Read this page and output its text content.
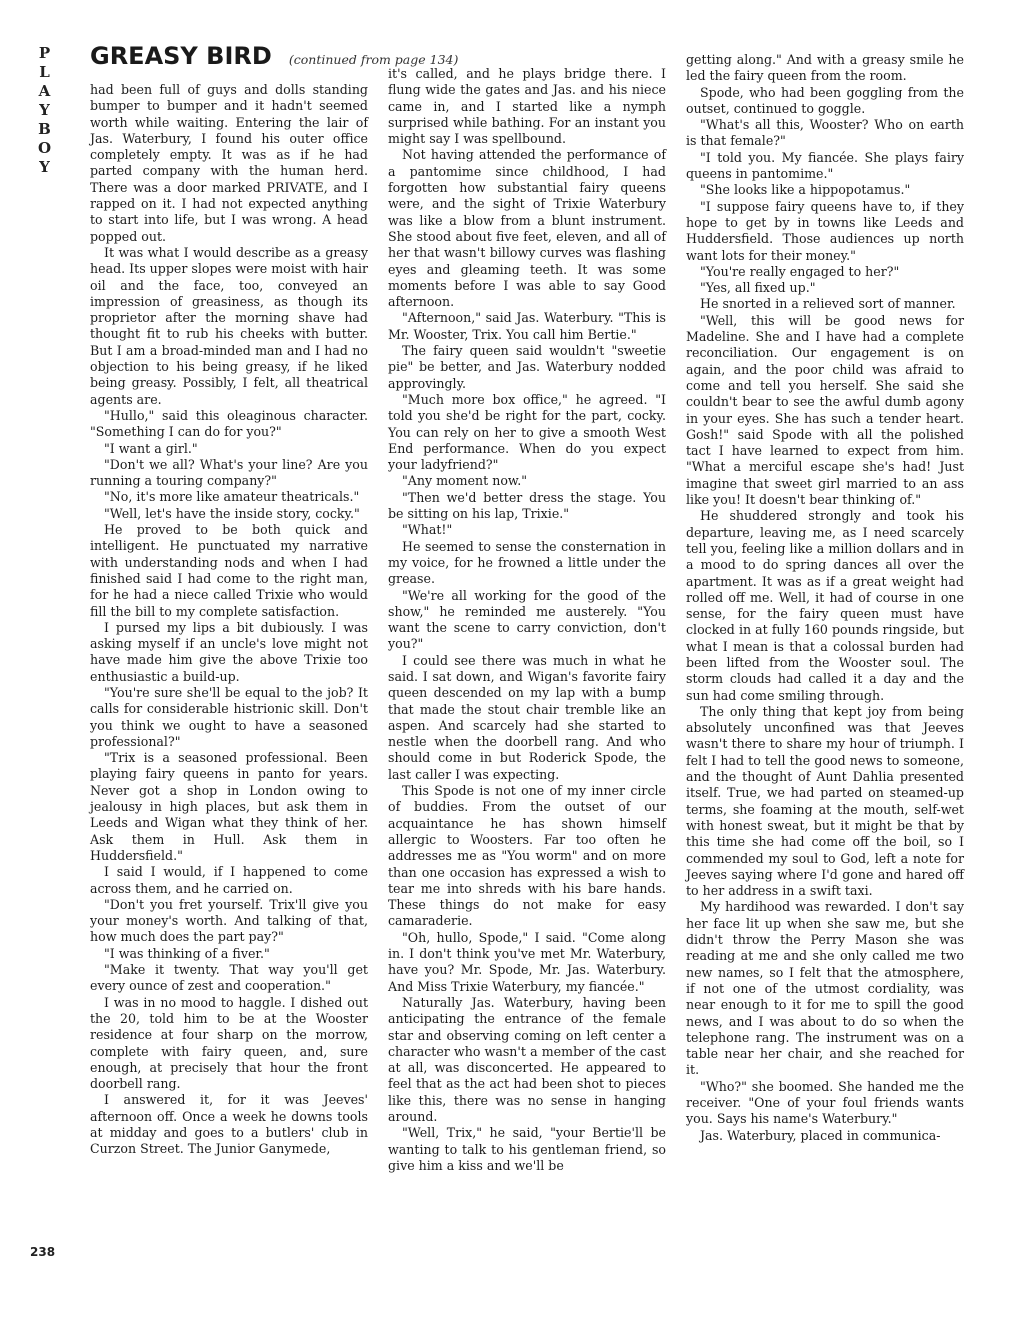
P
L
A
Y
B
O
Y
GREASY BIRD (continued from page 134)

had been full of guys and dolls standing bumper to bumper and it hadn't seemed worth while waiting. Entering the lair of Jas. Waterbury, I found his outer office completely empty. It was as if he had parted company with the human herd. There was a door marked PRIVATE, and I rapped on it. I had not expected anything to start into life, but I was wrong. A head popped out.

It was what I would describe as a greasy head. Its upper slopes were moist with hair oil and the face, too, conveyed an impression of greasiness, as though its proprietor after the morning shave had thought fit to rub his cheeks with butter. But I am a broad-minded man and I had no objection to his being greasy, if he liked being greasy. Possibly, I felt, all theatrical agents are.

"Hullo," said this oleaginous character. "Something I can do for you?"

"I want a girl."

"Don't we all? What's your line? Are you running a touring company?"

"No, it's more like amateur theatricals."

"Well, let's have the inside story, cocky."

He proved to be both quick and intelligent. He punctuated my narrative with understanding nods and when I had finished said I had come to the right man, for he had a niece called Trixie who would fill the bill to my complete satisfaction.

I pursed my lips a bit dubiously. I was asking myself if an uncle's love might not have made him give the above Trixie too enthusiastic a build-up.

"You're sure she'll be equal to the job? It calls for considerable histrionic skill. Don't you think we ought to have a seasoned professional?"

"Trix is a seasoned professional. Been playing fairy queens in panto for years. Never got a shop in London owing to jealousy in high places, but ask them in Leeds and Wigan what they think of her. Ask them in Hull. Ask them in Huddersfield."

I said I would, if I happened to come across them, and he carried on.

"Don't you fret yourself. Trix'll give you your money's worth. And talking of that, how much does the part pay?"

"I was thinking of a fiver."

"Make it twenty. That way you'll get every ounce of zest and cooperation."

I was in no mood to haggle. I dished out the 20, told him to be at the Wooster residence at four sharp on the morrow, complete with fairy queen, and, sure enough, at precisely that hour the front doorbell rang.

I answered it, for it was Jeeves' afternoon off. Once a week he downs tools at midday and goes to a butlers' club in Curzon Street. The Junior Ganymede,

it's called, and he plays bridge there. I flung wide the gates and Jas. and his niece came in, and I started like a nymph surprised while bathing. For an instant you might say I was spellbound.

Not having attended the performance of a pantomime since childhood, I had forgotten how substantial fairy queens were, and the sight of Trixie Waterbury was like a blow from a blunt instrument. She stood about five feet, eleven, and all of her that wasn't billowy curves was flashing eyes and gleaming teeth. It was some moments before I was able to say Good afternoon.

"Afternoon," said Jas. Waterbury. "This is Mr. Wooster, Trix. You call him Bertie."

The fairy queen said wouldn't "sweetie pie" be better, and Jas. Waterbury nodded approvingly.

"Much more box office," he agreed. "I told you she'd be right for the part, cocky. You can rely on her to give a smooth West End performance. When do you expect your ladyfriend?"

"Any moment now."

"Then we'd better dress the stage. You be sitting on his lap, Trixie."

"What!"

He seemed to sense the consternation in my voice, for he frowned a little under the grease.

"We're all working for the good of the show," he reminded me austerely. "You want the scene to carry conviction, don't you?"

I could see there was much in what he said. I sat down, and Wigan's favorite fairy queen descended on my lap with a bump that made the stout chair tremble like an aspen. And scarcely had she started to nestle when the doorbell rang. And who should come in but Roderick Spode, the last caller I was expecting.

This Spode is not one of my inner circle of buddies. From the outset of our acquaintance he has shown himself allergic to Woosters. Far too often he addresses me as "You worm" and on more than one occasion has expressed a wish to tear me into shreds with his bare hands. These things do not make for easy camaraderie.

"Oh, hullo, Spode," I said. "Come along in. I don't think you've met Mr. Waterbury, have you? Mr. Spode, Mr. Jas. Waterbury. And Miss Trixie Waterbury, my fiancée."

Naturally Jas. Waterbury, having been anticipating the entrance of the female star and observing coming on left center a character who wasn't a member of the cast at all, was disconcerted. He appeared to feel that as the act had been shot to pieces like this, there was no sense in hanging around.

"Well, Trix," he said, "your Bertie'll be wanting to talk to his gentleman friend, so give him a kiss and we'll be

getting along." And with a greasy smile he led the fairy queen from the room.

Spode, who had been goggling from the outset, continued to goggle.

"What's all this, Wooster? Who on earth is that female?"

"I told you. My fiancée. She plays fairy queens in pantomime."

"She looks like a hippopotamus."

"I suppose fairy queens have to, if they hope to get by in towns like Leeds and Huddersfield. Those audiences up north want lots for their money."

"You're really engaged to her?"

"Yes, all fixed up."

He snorted in a relieved sort of manner.

"Well, this will be good news for Madeline. She and I have had a complete reconciliation. Our engagement is on again, and the poor child was afraid to come and tell you herself. She said she couldn't bear to see the awful dumb agony in your eyes. She has such a tender heart. Gosh!" said Spode with all the polished tact I have learned to expect from him. "What a merciful escape she's had! Just imagine that sweet girl married to an ass like you! It doesn't bear thinking of."

He shuddered strongly and took his departure, leaving me, as I need scarcely tell you, feeling like a million dollars and in a mood to do spring dances all over the apartment. It was as if a great weight had rolled off me. Well, it had of course in one sense, for the fairy queen must have clocked in at fully 160 pounds ringside, but what I mean is that a colossal burden had been lifted from the Wooster soul. The storm clouds had called it a day and the sun had come smiling through.

The only thing that kept joy from being absolutely unconfined was that Jeeves wasn't there to share my hour of triumph. I felt I had to tell the good news to someone, and the thought of Aunt Dahlia presented itself. True, we had parted on steamed-up terms, she foaming at the mouth, self-wet with honest sweat, but it might be that by this time she had come off the boil, so I commended my soul to God, left a note for Jeeves saying where I'd gone and hared off to her address in a swift taxi.

My hardihood was rewarded. I don't say her face lit up when she saw me, but she didn't throw the Perry Mason she was reading at me and she only called me two new names, so I felt that the atmosphere, if not one of the utmost cordiality, was near enough to it for me to spill the good news, and I was about to do so when the telephone rang. The instrument was on a table near her chair, and she reached for it.

"Who?" she boomed. She handed me the receiver. "One of your foul friends wants you. Says his name's Waterbury."

Jas. Waterbury, placed in communica-

238
